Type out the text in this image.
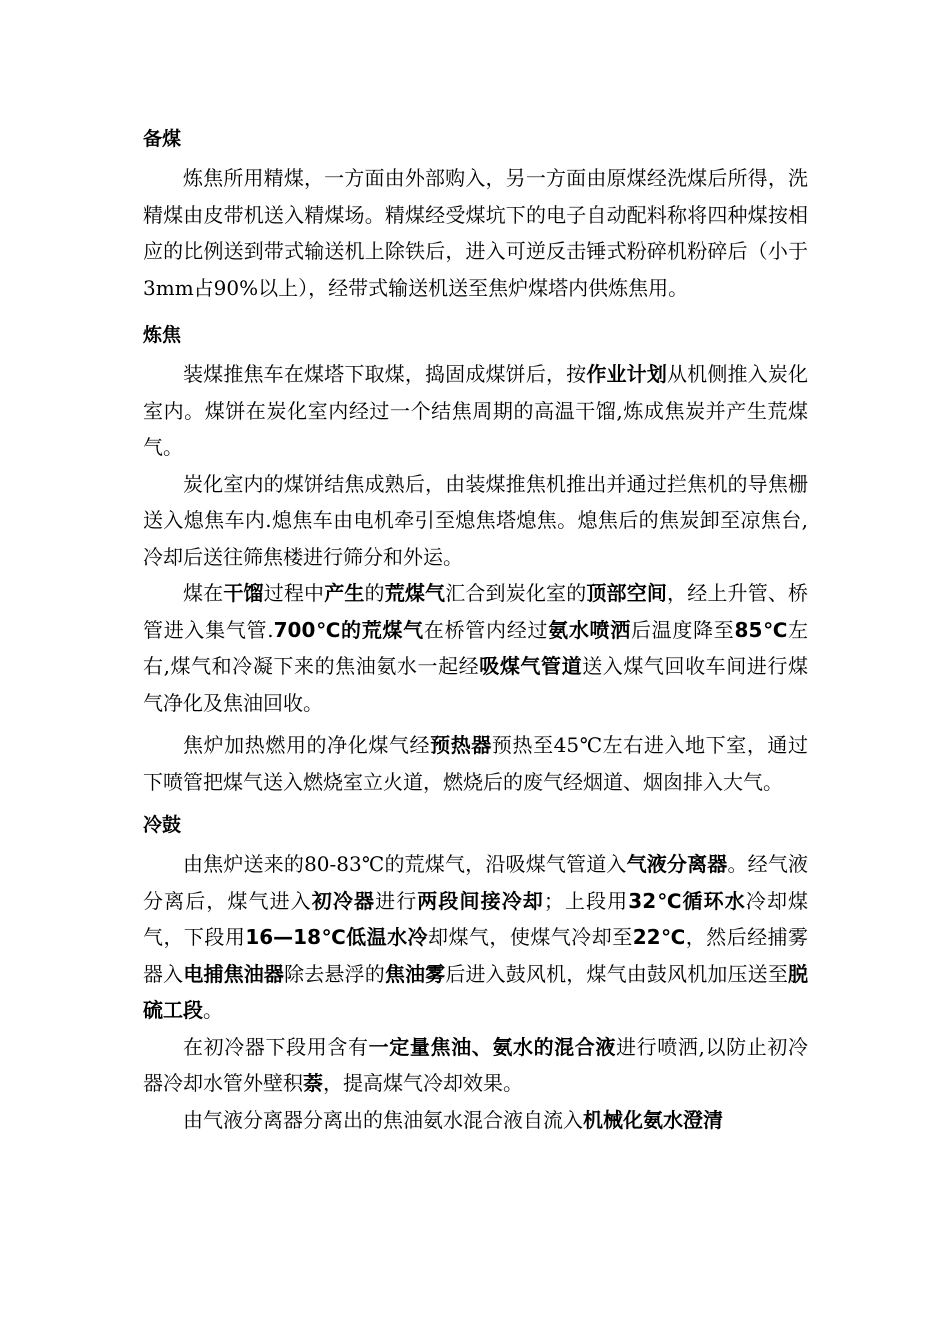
备煤

炼焦所用精煤，一方面由外部购入，另一方面由原煤经洗煤后所得，洗精煤由皮带机送入精煤场。精煤经受煤坑下的电子自动配料称将四种煤按相应的比例送到带式输送机上除铁后，进入可逆反击锤式粉碎机粉碎后（小于3mm占90%以上），经带式输送机送至焦炉煤塔内供炼焦用。

炼焦

装煤推焦车在煤塔下取煤，捣固成煤饼后，按作业计划从机侧推入炭化室内。煤饼在炭化室内经过一个结焦周期的高温干馏,炼成焦炭并产生荒煤气。

炭化室内的煤饼结焦成熟后，由装煤推焦机推出并通过拦焦机的导焦栅送入熄焦车内.熄焦车由电机牵引至熄焦塔熄焦。熄焦后的焦炭卸至凉焦台,冷却后送往筛焦楼进行筛分和外运。

煤在干馏过程中产生的荒煤气汇合到炭化室的顶部空间，经上升管、桥管进入集气管.700℃的荒煤气在桥管内经过氨水喷洒后温度降至85℃左右,煤气和冷凝下来的焦油氨水一起经吸煤气管道送入煤气回收车间进行煤气净化及焦油回收。

焦炉加热燃用的净化煤气经预热器预热至45℃左右进入地下室，通过下喷管把煤气送入燃烧室立火道，燃烧后的废气经烟道、烟囱排入大气。

冷鼓

由焦炉送来的80-83℃的荒煤气，沿吸煤气管道入气液分离器。经气液分离后，煤气进入初冷器进行两段间接冷却；上段用32℃循环水冷却煤气，下段用16—18℃低温水冷却煤气，使煤气冷却至22℃，然后经捕雾器入电捕焦油器除去悬浮的焦油雾后进入鼓风机，煤气由鼓风机加压送至脱硫工段。

在初冷器下段用含有一定量焦油、氨水的混合液进行喷洒,以防止初冷器冷却水管外壁积萘，提高煤气冷却效果。

由气液分离器分离出的焦油氨水混合液自流入机械化氨水澄清
